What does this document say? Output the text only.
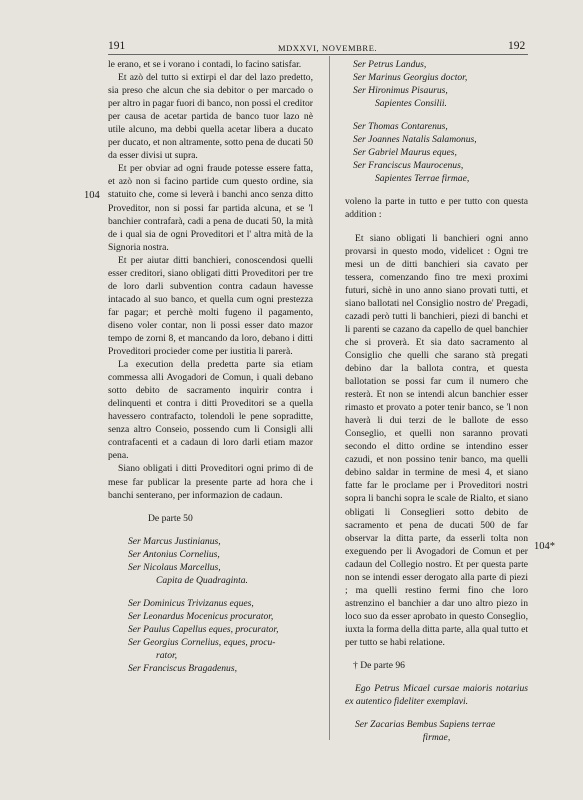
191	MDXXVI, NOVEMBRE.	192
104
104*

le erano, et se i vorano i contadi, lo facino satisfar.

Et azò del tutto si extirpi el dar del lazo predetto, sia preso che alcun che sia debitor o per marcado o per altro in pagar fuori di banco, non possi el creditor per causa de acetar partida de banco tuor lazo nè utile alcuno, ma debbi quella acetar libera a ducato per ducato, et non altramente, sotto pena de ducati 50 da esser divisi ut supra.

Et per obviar ad ogni fraude potesse essere fatta, et azò non si facino partide cum questo ordine, sia statuito che, come si leverà i banchi anco senza ditto Proveditor, non si possi far partida alcuna, et se 'l banchier contrafarà, cadi a pena de ducati 50, la mità de i qual sia de ogni Proveditori et l' altra mità de la Signoria nostra.

Et per aiutar ditti banchieri, conoscendosi quelli esser creditori, siano obligati ditti Proveditori per tre de loro darli subvention contra cadaun havesse intacado al suo banco, et quella cum ogni prestezza far pagar; et perchè molti fugeno il pagamento, diseno voler contar, non li possi esser dato mazor tempo de zorni 8, et mancando da loro, debano i ditti Proveditori procieder come per iustitia li parerà.

La execution della predetta parte sia etiam commessa alli Avogadori de Comun, i quali debano sotto debito de sacramento inquirir contra i delinquenti et contra i ditti Proveditori se a quella havessero contrafacto, tolendoli le pene sopraditte, senza altro Conseio, possendo cum li Consigli alli contrafacenti et a cadaun di loro darli etiam mazor pena.

Siano obligati i ditti Proveditori ogni primo di de mese far publicar la presente parte ad hora che i banchi senterano, per informazion de cadaun.

De parte 50

Ser Marcus Justinianus,

Ser Antonius Cornelius,

Ser Nicolaus Marcellus,

Capita de Quadraginta.

Ser Dominicus Trivizanus eques,

Ser Leonardus Mocenicus procurator,

Ser Paulus Capellus eques, procurator,

Ser Georgius Cornelius, eques, procu-

rator,

Ser Franciscus Bragadenus,

Ser Petrus Landus,

Ser Marinus Georgius doctor,

Ser Hironimus Pisaurus,

Sapientes Consilii.

Ser Thomas Contarenus,

Ser Joannes Natalis Salamonus,

Ser Gabriel Maurus eques,

Ser Franciscus Maurocenus,

Sapientes Terrae firmae,

voleno la parte in tutto e per tutto con questa addition :

Et siano obligati li banchieri ogni anno provarsi in questo modo, videlicet : Ogni tre mesi un de ditti banchieri sia cavato per tessera, comenzando fino tre mexi proximi futuri, sichè in uno anno siano provati tutti, et siano ballotati nel Consiglio nostro de' Pregadi, cazadi però tutti li banchieri, piezi di banchi et li parenti se cazano da capello de quel banchier che si proverà. Et sia dato sacramento al Consiglio che quelli che sarano stà pregati debino dar la ballota contra, et questa ballotation se possi far cum il numero che resterà. Et non se intendi alcun banchier esser rimasto et provato a poter tenir banco, se 'l non haverà li dui terzi de le ballote de esso Conseglio, et quelli non saranno provati secondo el ditto ordine se intendino esser cazudi, et non possino tenir banco, ma quelli debino saldar in termine de mesi 4, et siano fatte far le proclame per i Proveditori nostri sopra li banchi sopra le scale de Rialto, et siano obligati li Conseglieri sotto debito de sacramento et pena de ducati 500 de far observar la ditta parte, da esserli tolta non exeguendo per li Avogadori de Comun et per cadaun del Collegio nostro. Et per questa parte non se intendi esser derogato alla parte di piezi ; ma quelli restino fermi fino che loro astrenzino el banchier a dar uno altro piezo in loco suo da esser aprobato in questo Conseglio, iuxta la forma della ditta parte, alla qual tutto et per tutto se habi relatione.

† De parte 96

Ego Petrus Micael cursae maioris notarius ex autentico fideliter exemplavi.

Ser Zacarias Bembus Sapiens terrae

firmae,
